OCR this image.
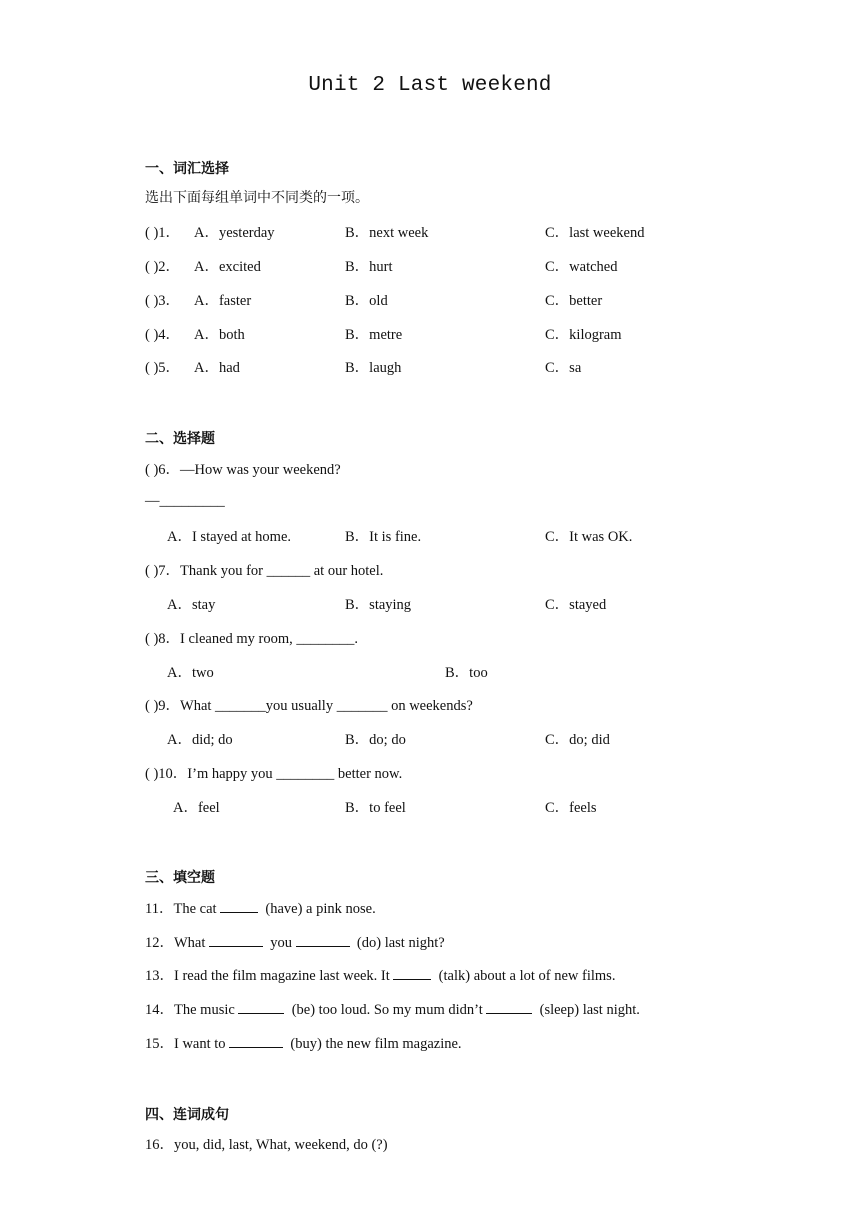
Unit 2 Last weekend
一、词汇选择
选出下面每组单词中不同类的一项。
( )1． A．yesterday	B．next week	C．last weekend
( )2． A．excited	B．hurt	C．watched
( )3． A．faster	B．old	C．better
( )4． A．both	B．metre	C．kilogram
( )5． A．had	B．laugh	C．sa
二、选择题
( )6．—How was your weekend?
—_________
A．I stayed at home.	B．It is fine.	C．It was OK.
( )7．Thank you for ______ at our hotel.
A．stay	B．staying	C．stayed
( )8．I cleaned my room, ________.
A．two	B．too
( )9．What _______you usually _______ on weekends?
A．did; do	B．do; do	C．do; did
( )10．I’m happy you ________ better now.
A．feel	B．to feel	C．feels
三、填空题
11．The cat	(have) a pink nose.
12．What	you	(do) last night?
13．I read the film magazine last week. It	(talk) about a lot of new films.
14．The music	(be) too loud. So my mum didn’t	(sleep) last night.
15．I want to	(buy) the new film magazine.
四、连词成句
16．you, did, last, What, weekend, do (?)
